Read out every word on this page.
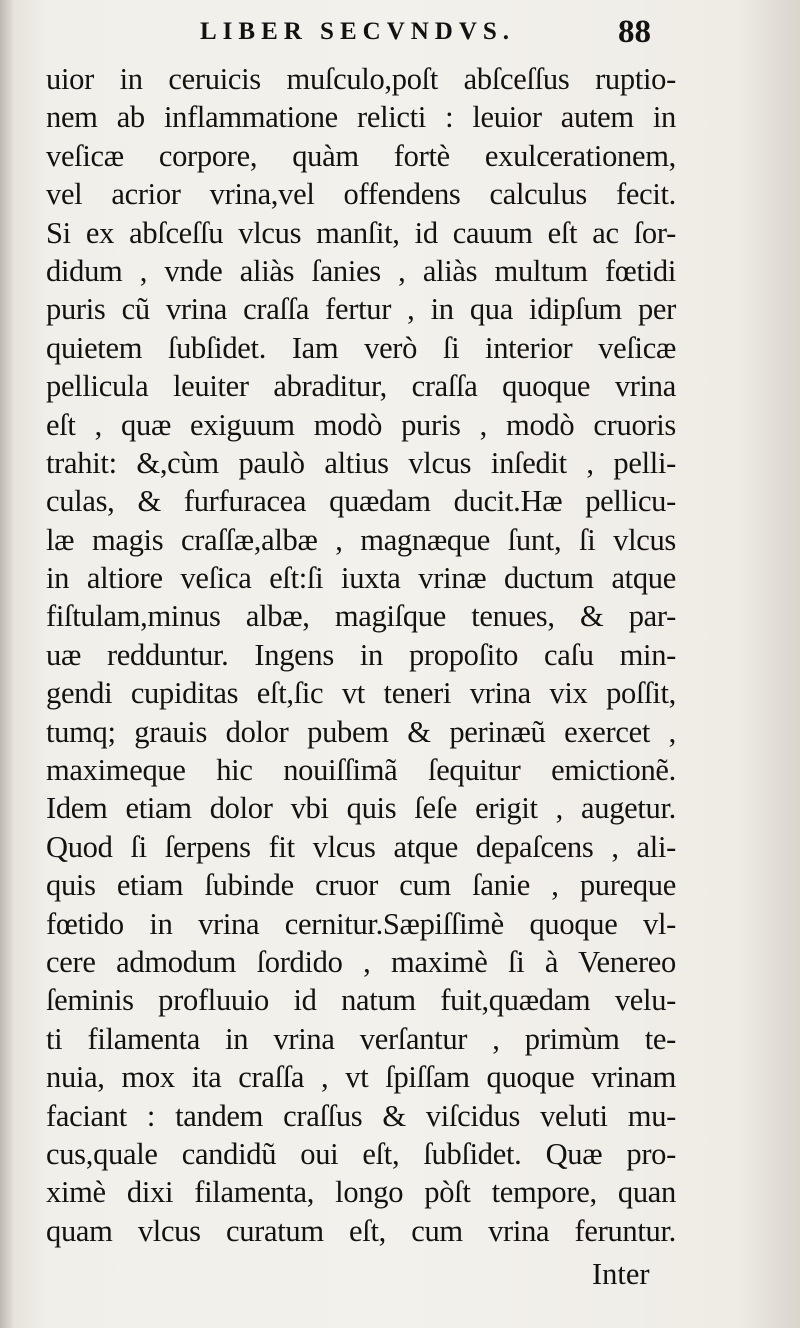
LIBER SECVNDVS.	88
uior in ceruicis muſculo,poſt abſceſſus ruptio-
nem ab inflammatione relicti : leuior autem in
veſicæ corpore, quàm fortè exulcerationem,
vel acrior vrina,vel offendens calculus fecit.
Si ex abſceſſu vlcus manſit, id cauum eſt ac ſor-
didum , vnde aliàs ſanies , aliàs multum fœtidi
puris cũ vrina craſſa fertur , in qua idipſum per
quietem ſubſidet. Iam verò ſi interior veſicæ
pellicula leuiter abraditur, craſſa quoque vrina
eſt , quæ exiguum modò puris , modò cruoris
trahit: &,cùm paulò altius vlcus inſedit , pelli-
culas, & furfuracea quædam ducit.Hæ pellicu-
læ magis craſſæ,albæ , magnæque ſunt, ſi vlcus
in altiore veſica eſt:ſi iuxta vrinæ ductum atque
fiſtulam,minus albæ, magiſque tenues, & par-
uæ redduntur. Ingens in propoſito caſu min-
gendi cupiditas eſt,ſic vt teneri vrina vix poſſit,
tumq; grauis dolor pubem & perinæũ exercet ,
maximeque hic nouiſſimã ſequitur emictionẽ.
Idem etiam dolor vbi quis ſeſe erigit , augetur.
Quod ſi ſerpens fit vlcus atque depaſcens , ali-
quis etiam ſubinde cruor cum ſanie , pureque
fœtido in vrina cernitur.Sæpiſſimè quoque vl-
cere admodum ſordido , maximè ſi à Venereo
ſeminis profluuio id natum fuit,quædam velu-
ti filamenta in vrina verſantur , primùm te-
nuia, mox ita craſſa , vt ſpiſſam quoque vrinam
faciant : tandem craſſus & viſcidus veluti mu-
cus,quale candidũ oui eſt, ſubſidet. Quæ pro-
ximè dixi filamenta, longo pòſt tempore, quan
quam vlcus curatum eſt, cum vrina feruntur.
Inter
